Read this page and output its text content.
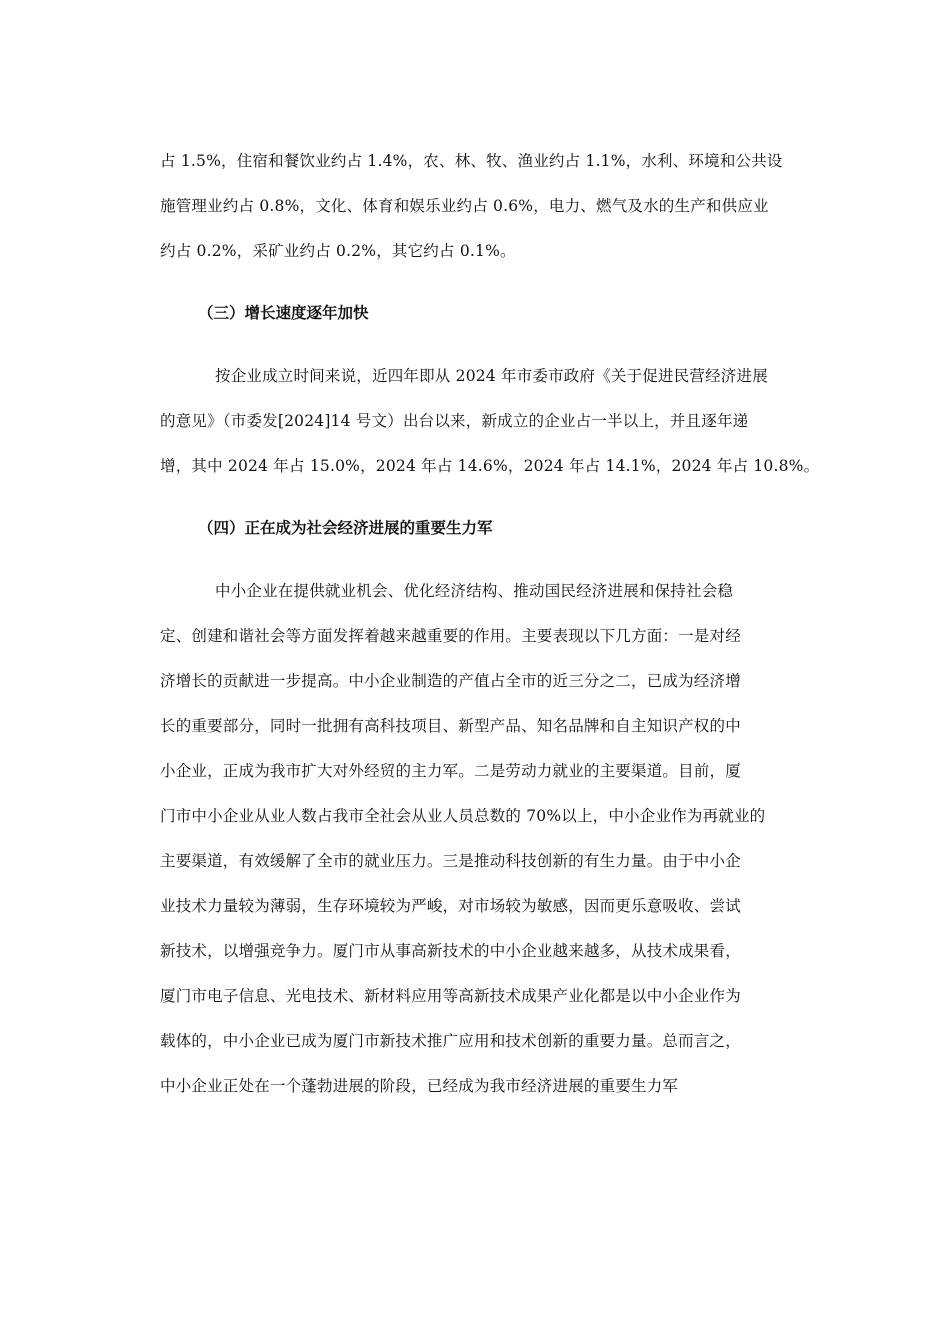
占 1.5%，住宿和餐饮业约占 1.4%，农、林、牧、渔业约占 1.1%，水利、环境和公共设
施管理业约占 0.8%，文化、体育和娱乐业约占 0.6%，电力、燃气及水的生产和供应业
约占 0.2%，采矿业约占 0.2%，其它约占 0.1%。
（三）增长速度逐年加快
按企业成立时间来说，近四年即从 2024 年市委市政府《关于促进民营经济进展
的意见》（市委发[2024]14 号文）出台以来，新成立的企业占一半以上，并且逐年递
增，其中 2024 年占 15.0%，2024 年占 14.6%，2024 年占 14.1%，2024 年占 10.8%。
（四）正在成为社会经济进展的重要生力军
中小企业在提供就业机会、优化经济结构、推动国民经济进展和保持社会稳
定、创建和谐社会等方面发挥着越来越重要的作用。主要表现以下几方面：一是对经
济增长的贡献进一步提高。中小企业制造的产值占全市的近三分之二，已成为经济增
长的重要部分，同时一批拥有高科技项目、新型产品、知名品牌和自主知识产权的中
小企业，正成为我市扩大对外经贸的主力军。二是劳动力就业的主要渠道。目前，厦
门市中小企业从业人数占我市全社会从业人员总数的 70%以上，中小企业作为再就业的
主要渠道，有效缓解了全市的就业压力。三是推动科技创新的有生力量。由于中小企
业技术力量较为薄弱，生存环境较为严峻，对市场较为敏感，因而更乐意吸收、尝试
新技术，以增强竞争力。厦门市从事高新技术的中小企业越来越多，从技术成果看，
厦门市电子信息、光电技术、新材料应用等高新技术成果产业化都是以中小企业作为
载体的，中小企业已成为厦门市新技术推广应用和技术创新的重要力量。总而言之，
中小企业正处在一个蓬勃进展的阶段，已经成为我市经济进展的重要生力军
